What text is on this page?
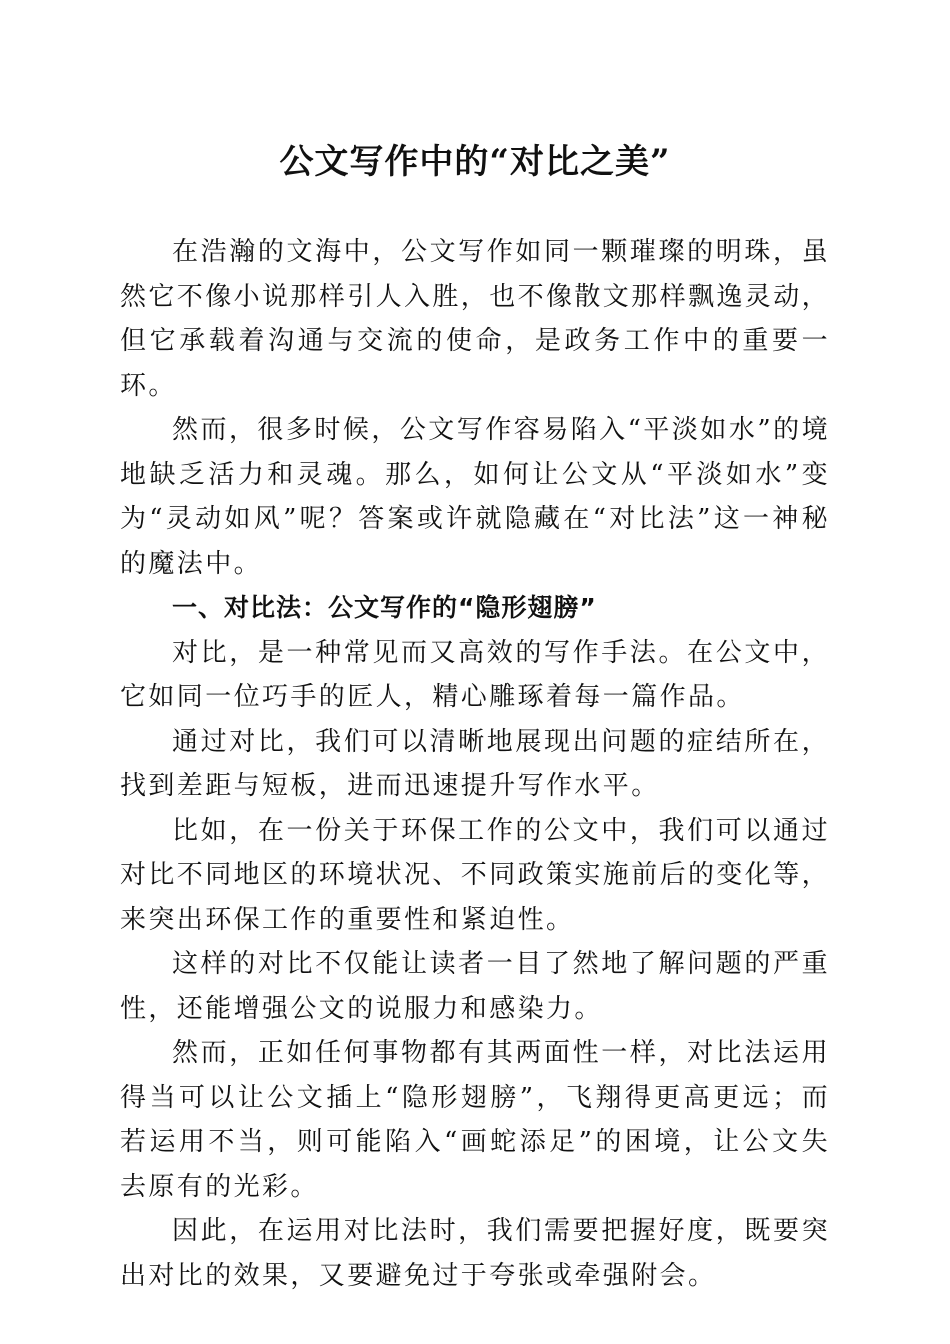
公文写作中的“对比之美”

在浩瀚的文海中，公文写作如同一颗璀璨的明珠，虽然它不像小说那样引人入胜，也不像散文那样飘逸灵动，但它承载着沟通与交流的使命，是政务工作中的重要一环。

然而，很多时候，公文写作容易陷入“平淡如水”的境地缺乏活力和灵魂。那么，如何让公文从“平淡如水”变为“灵动如风”呢？答案或许就隐藏在“对比法”这一神秘的魔法中。

一、对比法：公文写作的“隐形翅膀”

对比，是一种常见而又高效的写作手法。在公文中，它如同一位巧手的匠人，精心雕琢着每一篇作品。

通过对比，我们可以清晰地展现出问题的症结所在，找到差距与短板，进而迅速提升写作水平。

比如，在一份关于环保工作的公文中，我们可以通过对比不同地区的环境状况、不同政策实施前后的变化等，来突出环保工作的重要性和紧迫性。

这样的对比不仅能让读者一目了然地了解问题的严重性，还能增强公文的说服力和感染力。

然而，正如任何事物都有其两面性一样，对比法运用得当可以让公文插上“隐形翅膀”，飞翔得更高更远；而若运用不当，则可能陷入“画蛇添足”的困境，让公文失去原有的光彩。

因此，在运用对比法时，我们需要把握好度，既要突出对比的效果，又要避免过于夸张或牵强附会。
